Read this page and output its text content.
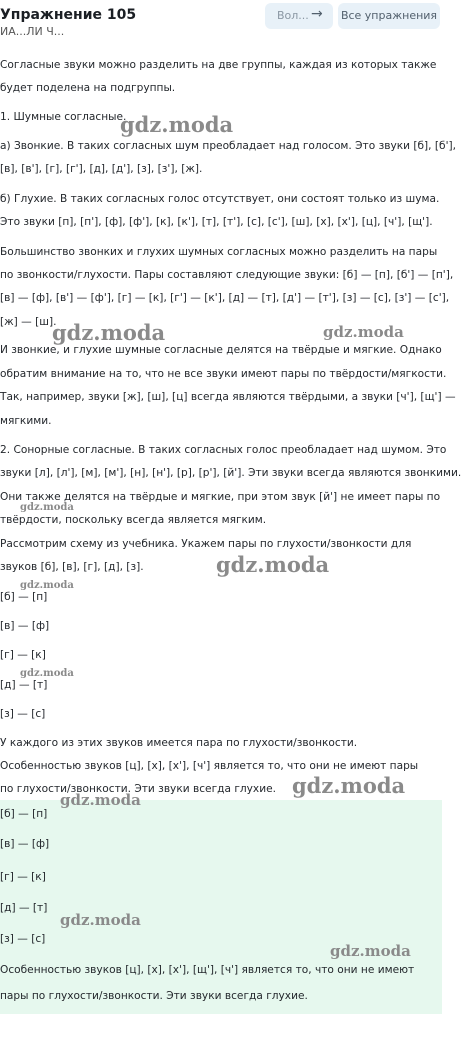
Упражнение 105	Вол... → Все упражнения
ИА...ЛИ Ч...
Согласные звуки можно разделить на две группы, каждая из которых также
будет поделена на подгруппы.
1. Шумные согласные.
а) Звонкие. В таких согласных шум преобладает над голосом. Это звуки [б], [б'],
[в], [в'], [г], [г'], [д], [д'], [з], [з'], [ж].
б) Глухие. В таких согласных голос отсутствует, они состоят только из шума.
Это звуки [п], [п'], [ф], [ф'], [к], [к'], [т], [т'], [с], [с'], [ш], [х], [х'], [ц], [ч'], [щ'].
Большинство звонких и глухих шумных согласных можно разделить на пары
по звонкости/глухости. Пары составляют следующие звуки: [б] — [п], [б'] — [п'],
[в] — [ф], [в'] — [ф'], [г] — [к], [г'] — [к'], [д] — [т], [д'] — [т'], [з] — [с], [з'] — [с'],
[ж] — [ш].
И звонкие, и глухие шумные согласные делятся на твёрдые и мягкие. Однако
обратим внимание на то, что не все звуки имеют пары по твёрдости/мягкости.
Так, например, звуки [ж], [ш], [ц] всегда являются твёрдыми, а звуки [ч'], [щ'] —
мягкими.
2. Сонорные согласные. В таких согласных голос преобладает над шумом. Это
звуки [л], [л'], [м], [м'], [н], [н'], [р], [р'], [й']. Эти звуки всегда являются звонкими.
Они также делятся на твёрдые и мягкие, при этом звук [й'] не имеет пары по
твёрдости, поскольку всегда является мягким.
Рассмотрим схему из учебника. Укажем пары по глухости/звонкости для
звуков [б], [в], [г], [д], [з].
[б] — [п]
[в] — [ф]
[г] — [к]
[д] — [т]
[з] — [с]
У каждого из этих звуков имеется пара по глухости/звонкости.
Особенностью звуков [ц], [х], [х'], [ч'] является то, что они не имеют пары
по глухости/звонкости. Эти звуки всегда глухие.
[б] — [п]
[в] — [ф]
[г] — [к]
[д] — [т]
[з] — [с]
Особенностью звуков [ц], [х], [х'], [щ'], [ч'] является то, что они не имеют
пары по глухости/звонкости. Эти звуки всегда глухие.
gdz.moda
gdz.moda	gdz.moda
gdz.moda
gdz.moda
gdz.moda
gdz.moda
gdz.moda
gdz.moda
gdz.moda
gdz.moda
